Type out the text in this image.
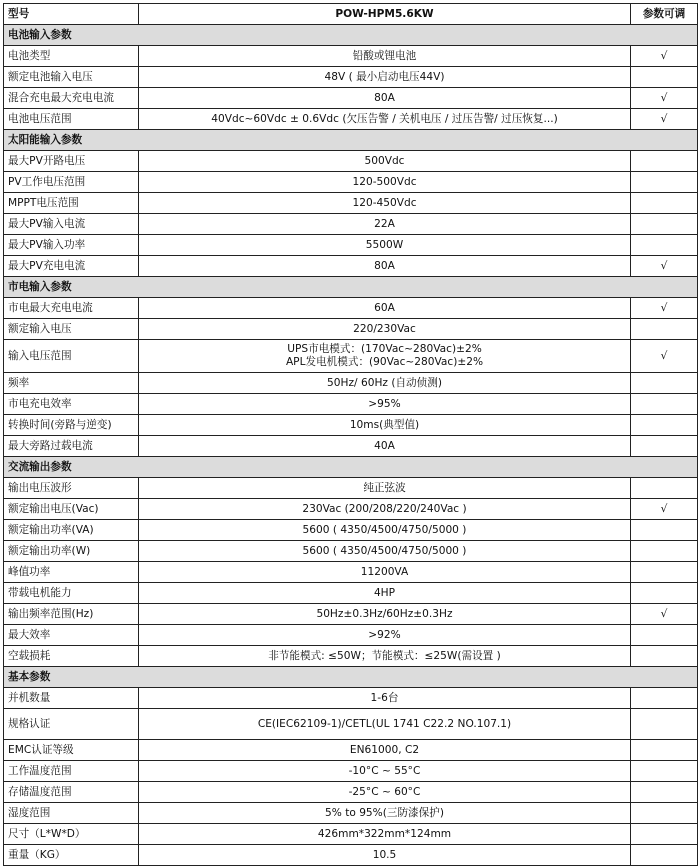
型号	POW-HPM5.6KW	参数可调
电池输入参数		
电池类型	铅酸或锂电池	√
额定电池输入电压	48V ( 最小启动电压44V)	

混合充电最大充电电流	80A	√
电池电压范围	40Vdc~60Vdc ± 0.6Vdc (欠压告警 / 关机电压 / 过压告警/ 过压恢复...)	√
太阳能输入参数		
最大PV开路电压	500Vdc	

PV工作电压范围	120-500Vdc	

MPPT电压范围	120-450Vdc	

最大PV输入电流	22A	

最大PV输入功率	5500W	

最大PV充电电流	80A	√
市电输入参数		
市电最大充电电流	60A	√
额定输入电压	220/230Vac	

输入电压范围	UPS市电模式：(170Vac~280Vac)±2%
APL发电机模式：(90Vac~280Vac)±2%	√
频率	50Hz/ 60Hz (自动侦测)	

市电充电效率	>95%	

转换时间(旁路与逆变)	10ms(典型值)	

最大旁路过载电流	40A	

交流输出参数		
输出电压波形	纯正弦波	

额定输出电压(Vac)	230Vac (200/208/220/240Vac )	√
额定输出功率(VA)	5600 ( 4350/4500/4750/5000 )	

额定输出功率(W)	5600 ( 4350/4500/4750/5000 )	

峰值功率	11200VA	

带载电机能力	4HP	

输出频率范围(Hz)	50Hz±0.3Hz/60Hz±0.3Hz	√
最大效率	>92%	

空载损耗	非节能模式: ≤50W；节能模式：≤25W(需设置 )	

基本参数		
并机数量	1-6台	

规格认证	CE(IEC62109-1)/CETL(UL 1741 C22.2 NO.107.1)	

EMC认证等级	EN61000, C2	

工作温度范围	-10°C ~ 55°C	

存储温度范围	-25°C ~ 60°C	

湿度范围	5% to 95%(三防漆保护)	

尺寸（L*W*D）	426mm*322mm*124mm	

重量（KG）	10.5	
